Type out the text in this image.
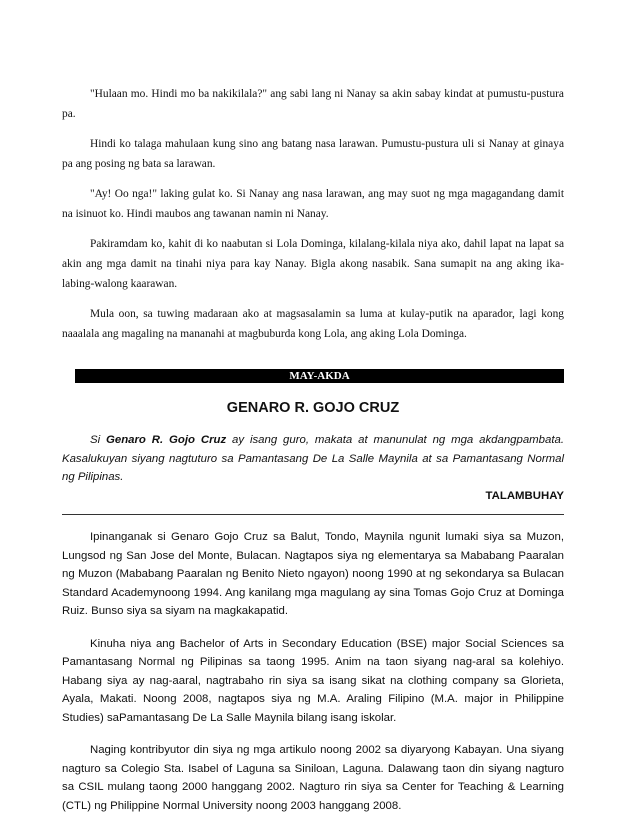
"Hulaan mo. Hindi mo ba nakikilala?" ang sabi lang ni Nanay sa akin sabay kindat at pumustu-pustura pa.

Hindi ko talaga mahulaan kung sino ang batang nasa larawan. Pumustu-pustura uli si Nanay at ginaya pa ang posing ng bata sa larawan.

"Ay! Oo nga!" laking gulat ko. Si Nanay ang nasa larawan, ang may suot ng mga magagandang damit na isinuot ko. Hindi maubos ang tawanan namin ni Nanay.

Pakiramdam ko, kahit di ko naabutan si Lola Dominga, kilalang-kilala niya ako, dahil lapat na lapat sa akin ang mga damit na tinahi niya para kay Nanay. Bigla akong nasabik. Sana sumapit na ang aking ika-labing-walong kaarawan.

Mula oon, sa tuwing madaraan ako at magsasalamin sa luma at kulay-putik na aparador, lagi kong naaalala ang magaling na mananahi at magbuburda kong Lola, ang aking Lola Dominga.

MAY-AKDA
GENARO R. GOJO CRUZ

Si Genaro R. Gojo Cruz ay isang guro, makata at manunulat ng mga akdangpambata. Kasalukuyan siyang nagtuturo sa Pamantasang De La Salle Maynila at sa Pamantasang Normal ng Pilipinas.

TALAMBUHAY

Ipinanganak si Genaro Gojo Cruz sa Balut, Tondo, Maynila ngunit lumaki siya sa Muzon, Lungsod ng San Jose del Monte, Bulacan. Nagtapos siya ng elementarya sa Mababang Paaralan ng Muzon (Mababang Paaralan ng Benito Nieto ngayon) noong 1990 at ng sekondarya sa Bulacan Standard Academynoong 1994. Ang kanilang mga magulang ay sina Tomas Gojo Cruz at Dominga Ruiz. Bunso siya sa siyam na magkakapatid.

Kinuha niya ang Bachelor of Arts in Secondary Education (BSE) major Social Sciences sa Pamantasang Normal ng Pilipinas sa taong 1995. Anim na taon siyang nag-aral sa kolehiyo. Habang siya ay nag-aaral, nagtrabaho rin siya sa isang sikat na clothing company sa Glorieta, Ayala, Makati. Noong 2008, nagtapos siya ng M.A. Araling Filipino (M.A. major in Philippine Studies) saPamantasang De La Salle Maynila bilang isang iskolar.

Naging kontribyutor din siya ng mga artikulo noong 2002 sa diyaryong Kabayan. Una siyang nagturo sa Colegio Sta. Isabel of Laguna sa Siniloan, Laguna. Dalawang taon din siyang nagturo sa CSIL mulang taong 2000 hanggang 2002. Nagturo rin siya sa Center for Teaching & Learning (CTL) ng Philippine Normal University noong 2003 hanggang 2008.
